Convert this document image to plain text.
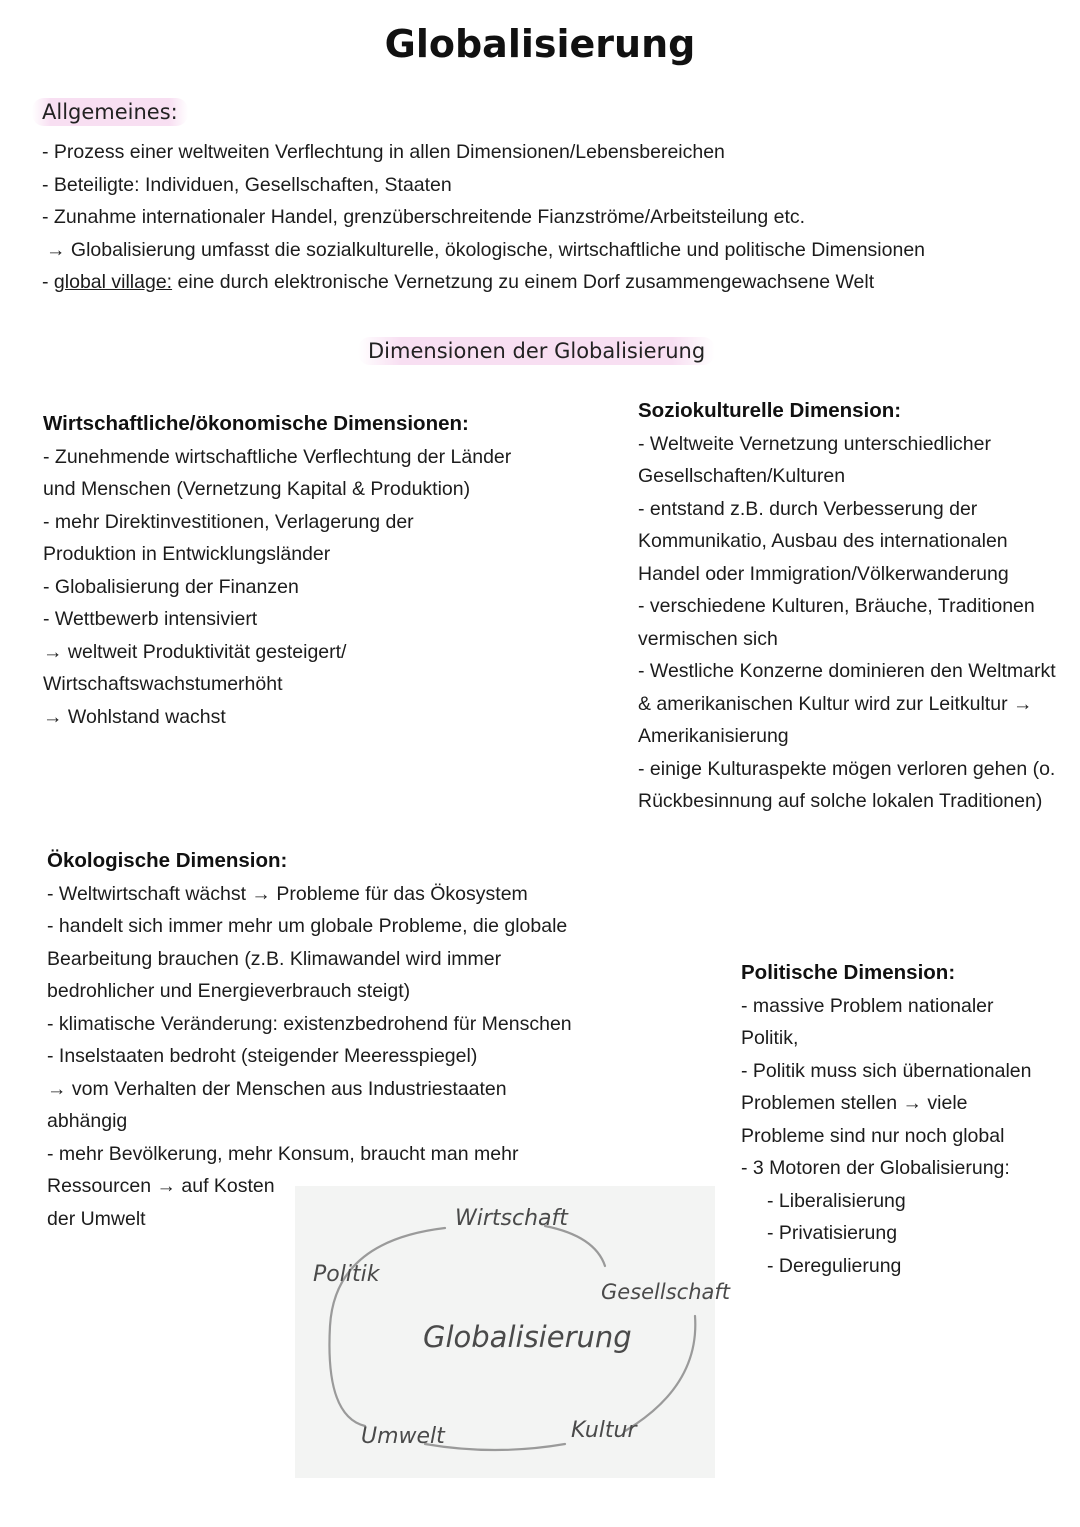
Globalisierung
Allgemeines:
- Prozess einer weltweiten Verflechtung in allen Dimensionen/Lebensbereichen
- Beteiligte: Individuen, Gesellschaften, Staaten
- Zunahme internationaler Handel, grenzüberschreitende Fianzströme/Arbeitsteilung etc.
→ Globalisierung umfasst die sozialkulturelle, ökologische, wirtschaftliche und politische Dimensionen
- global village: eine durch elektronische Vernetzung zu einem Dorf zusammengewachsene Welt
Dimensionen der Globalisierung
Wirtschaftliche/ökonomische Dimensionen:
- Zunehmende wirtschaftliche Verflechtung der Länder
und Menschen (Vernetzung Kapital & Produktion)
- mehr Direktinvestitionen, Verlagerung der
Produktion in Entwicklungsländer
- Globalisierung der Finanzen
- Wettbewerb intensiviert
→ weltweit Produktivität gesteigert/
Wirtschaftswachstumerhöht
→ Wohlstand wachst
Soziokulturelle Dimension:
- Weltweite Vernetzung unterschiedlicher
Gesellschaften/Kulturen
- entstand z.B. durch Verbesserung der
Kommunikatio, Ausbau des internationalen
Handel oder Immigration/Völkerwanderung
- verschiedene Kulturen, Bräuche, Traditionen
vermischen sich
- Westliche Konzerne dominieren den Weltmarkt
& amerikanischen Kultur wird zur Leitkultur →
Amerikanisierung
- einige Kulturaspekte mögen verloren gehen (o.
Rückbesinnung auf solche lokalen Traditionen)
Ökologische Dimension:
- Weltwirtschaft wächst → Probleme für das Ökosystem
- handelt sich immer mehr um globale Probleme, die globale
Bearbeitung brauchen (z.B. Klimawandel wird immer
bedrohlicher und Energieverbrauch steigt)
- klimatische Veränderung: existenzbedrohend für Menschen
- Inselstaaten bedroht (steigender Meeresspiegel)
→ vom Verhalten der Menschen aus Industriestaaten
abhängig
- mehr Bevölkerung, mehr Konsum, braucht man mehr
Ressourcen → auf Kosten
der Umwelt
Politische Dimension:
- massive Problem nationaler
Politik,
- Politik muss sich übernationalen
Problemen stellen → viele
Probleme sind nur noch global
- 3 Motoren der Globalisierung:
- Liberalisierung
- Privatisierung
- Deregulierung
Wirtschaft
Politik
Gesellschaft
Globalisierung
Umwelt	Kultur
